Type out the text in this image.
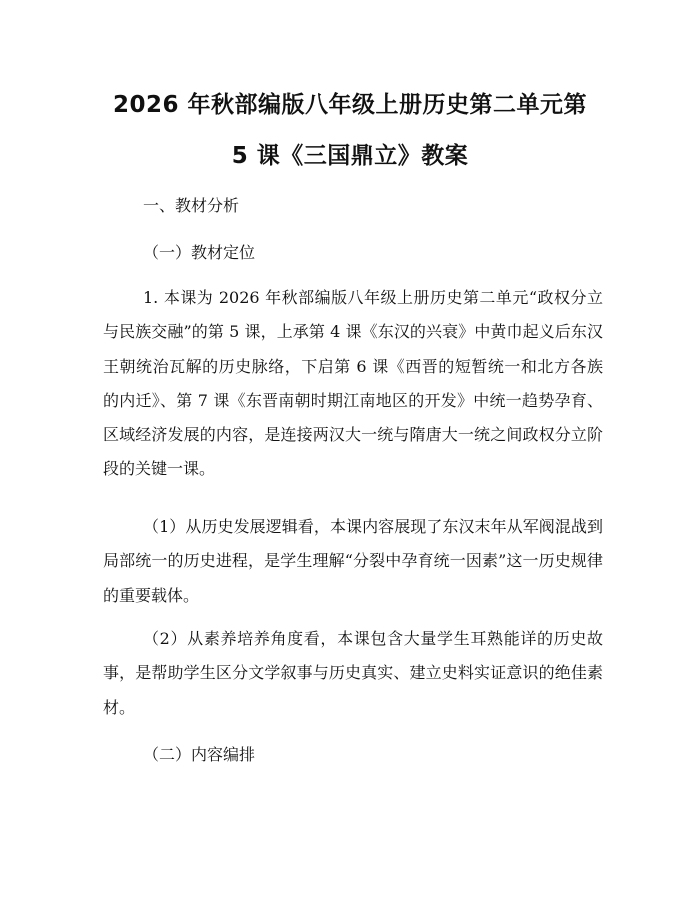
2026 年秋部编版八年级上册历史第二单元第
5 课《三国鼎立》教案

一、教材分析

（一）教材定位

1. 本课为 2026 年秋部编版八年级上册历史第二单元“政权分立与民族交融”的第 5 课，上承第 4 课《东汉的兴衰》中黄巾起义后东汉王朝统治瓦解的历史脉络，下启第 6 课《西晋的短暂统一和北方各族的内迁》、第 7 课《东晋南朝时期江南地区的开发》中统一趋势孕育、区域经济发展的内容，是连接两汉大一统与隋唐大一统之间政权分立阶段的关键一课。

（1）从历史发展逻辑看，本课内容展现了东汉末年从军阀混战到局部统一的历史进程，是学生理解“分裂中孕育统一因素”这一历史规律的重要载体。

（2）从素养培养角度看，本课包含大量学生耳熟能详的历史故事，是帮助学生区分文学叙事与历史真实、建立史料实证意识的绝佳素材。

（二）内容编排
